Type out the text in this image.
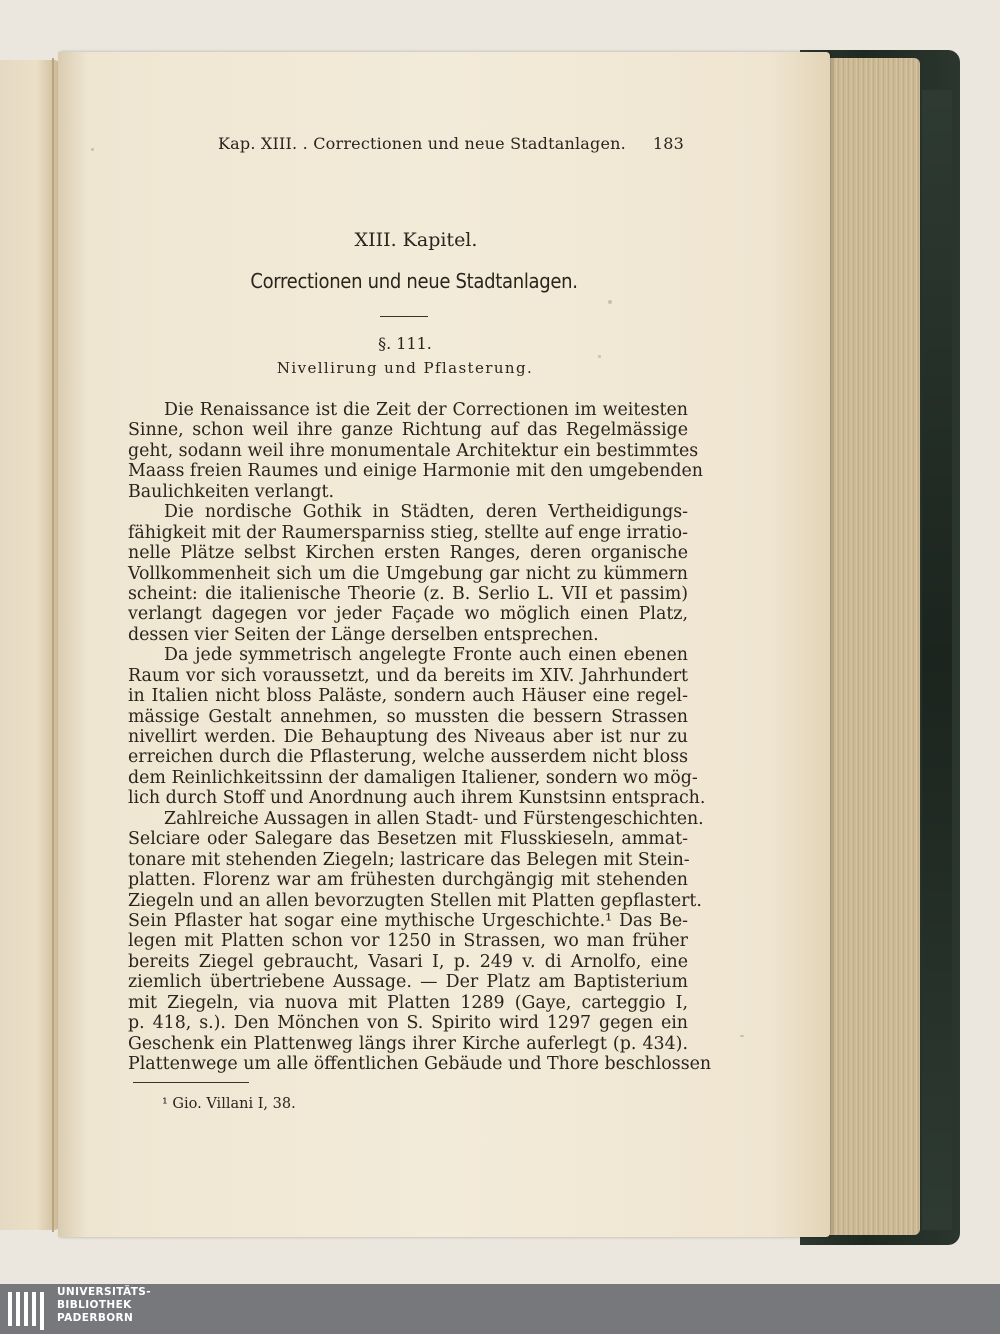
Kap. XIII. . Correctionen und neue Stadtanlagen. 183
XIII. Kapitel.
Correctionen und neue Stadtanlagen.
§. 111.
Nivellirung und Pflasterung.
Die Renaissance ist die Zeit der Correctionen im weitesten
Sinne, schon weil ihre ganze Richtung auf das Regelmässige
geht, sodann weil ihre monumentale Architektur ein bestimmtes
Maass freien Raumes und einige Harmonie mit den umgebenden
Baulichkeiten verlangt.
Die nordische Gothik in Städten, deren Vertheidigungs-
fähigkeit mit der Raumersparniss stieg, stellte auf enge irratio-
nelle Plätze selbst Kirchen ersten Ranges, deren organische
Vollkommenheit sich um die Umgebung gar nicht zu kümmern
scheint: die italienische Theorie (z. B. Serlio L. VII et passim)
verlangt dagegen vor jeder Façade wo möglich einen Platz,
dessen vier Seiten der Länge derselben entsprechen.
Da jede symmetrisch angelegte Fronte auch einen ebenen
Raum vor sich voraussetzt, und da bereits im XIV. Jahrhundert
in Italien nicht bloss Paläste, sondern auch Häuser eine regel-
mässige Gestalt annehmen, so mussten die bessern Strassen
nivellirt werden. Die Behauptung des Niveaus aber ist nur zu
erreichen durch die Pflasterung, welche ausserdem nicht bloss
dem Reinlichkeitssinn der damaligen Italiener, sondern wo mög-
lich durch Stoff und Anordnung auch ihrem Kunstsinn entsprach.
Zahlreiche Aussagen in allen Stadt- und Fürstengeschichten.
Selciare oder Salegare das Besetzen mit Flusskieseln, ammat-
tonare mit stehenden Ziegeln; lastricare das Belegen mit Stein-
platten. Florenz war am frühesten durchgängig mit stehenden
Ziegeln und an allen bevorzugten Stellen mit Platten gepflastert.
Sein Pflaster hat sogar eine mythische Urgeschichte.¹ Das Be-
legen mit Platten schon vor 1250 in Strassen, wo man früher
bereits Ziegel gebraucht, Vasari I, p. 249 v. di Arnolfo, eine
ziemlich übertriebene Aussage. — Der Platz am Baptisterium
mit Ziegeln, via nuova mit Platten 1289 (Gaye, carteggio I,
p. 418, s.). Den Mönchen von S. Spirito wird 1297 gegen ein
Geschenk ein Plattenweg längs ihrer Kirche auferlegt (p. 434).
Plattenwege um alle öffentlichen Gebäude und Thore beschlossen
¹ Gio. Villani I, 38.
UNIVERSITÄTS-
BIBLIOTHEK
PADERBORN
